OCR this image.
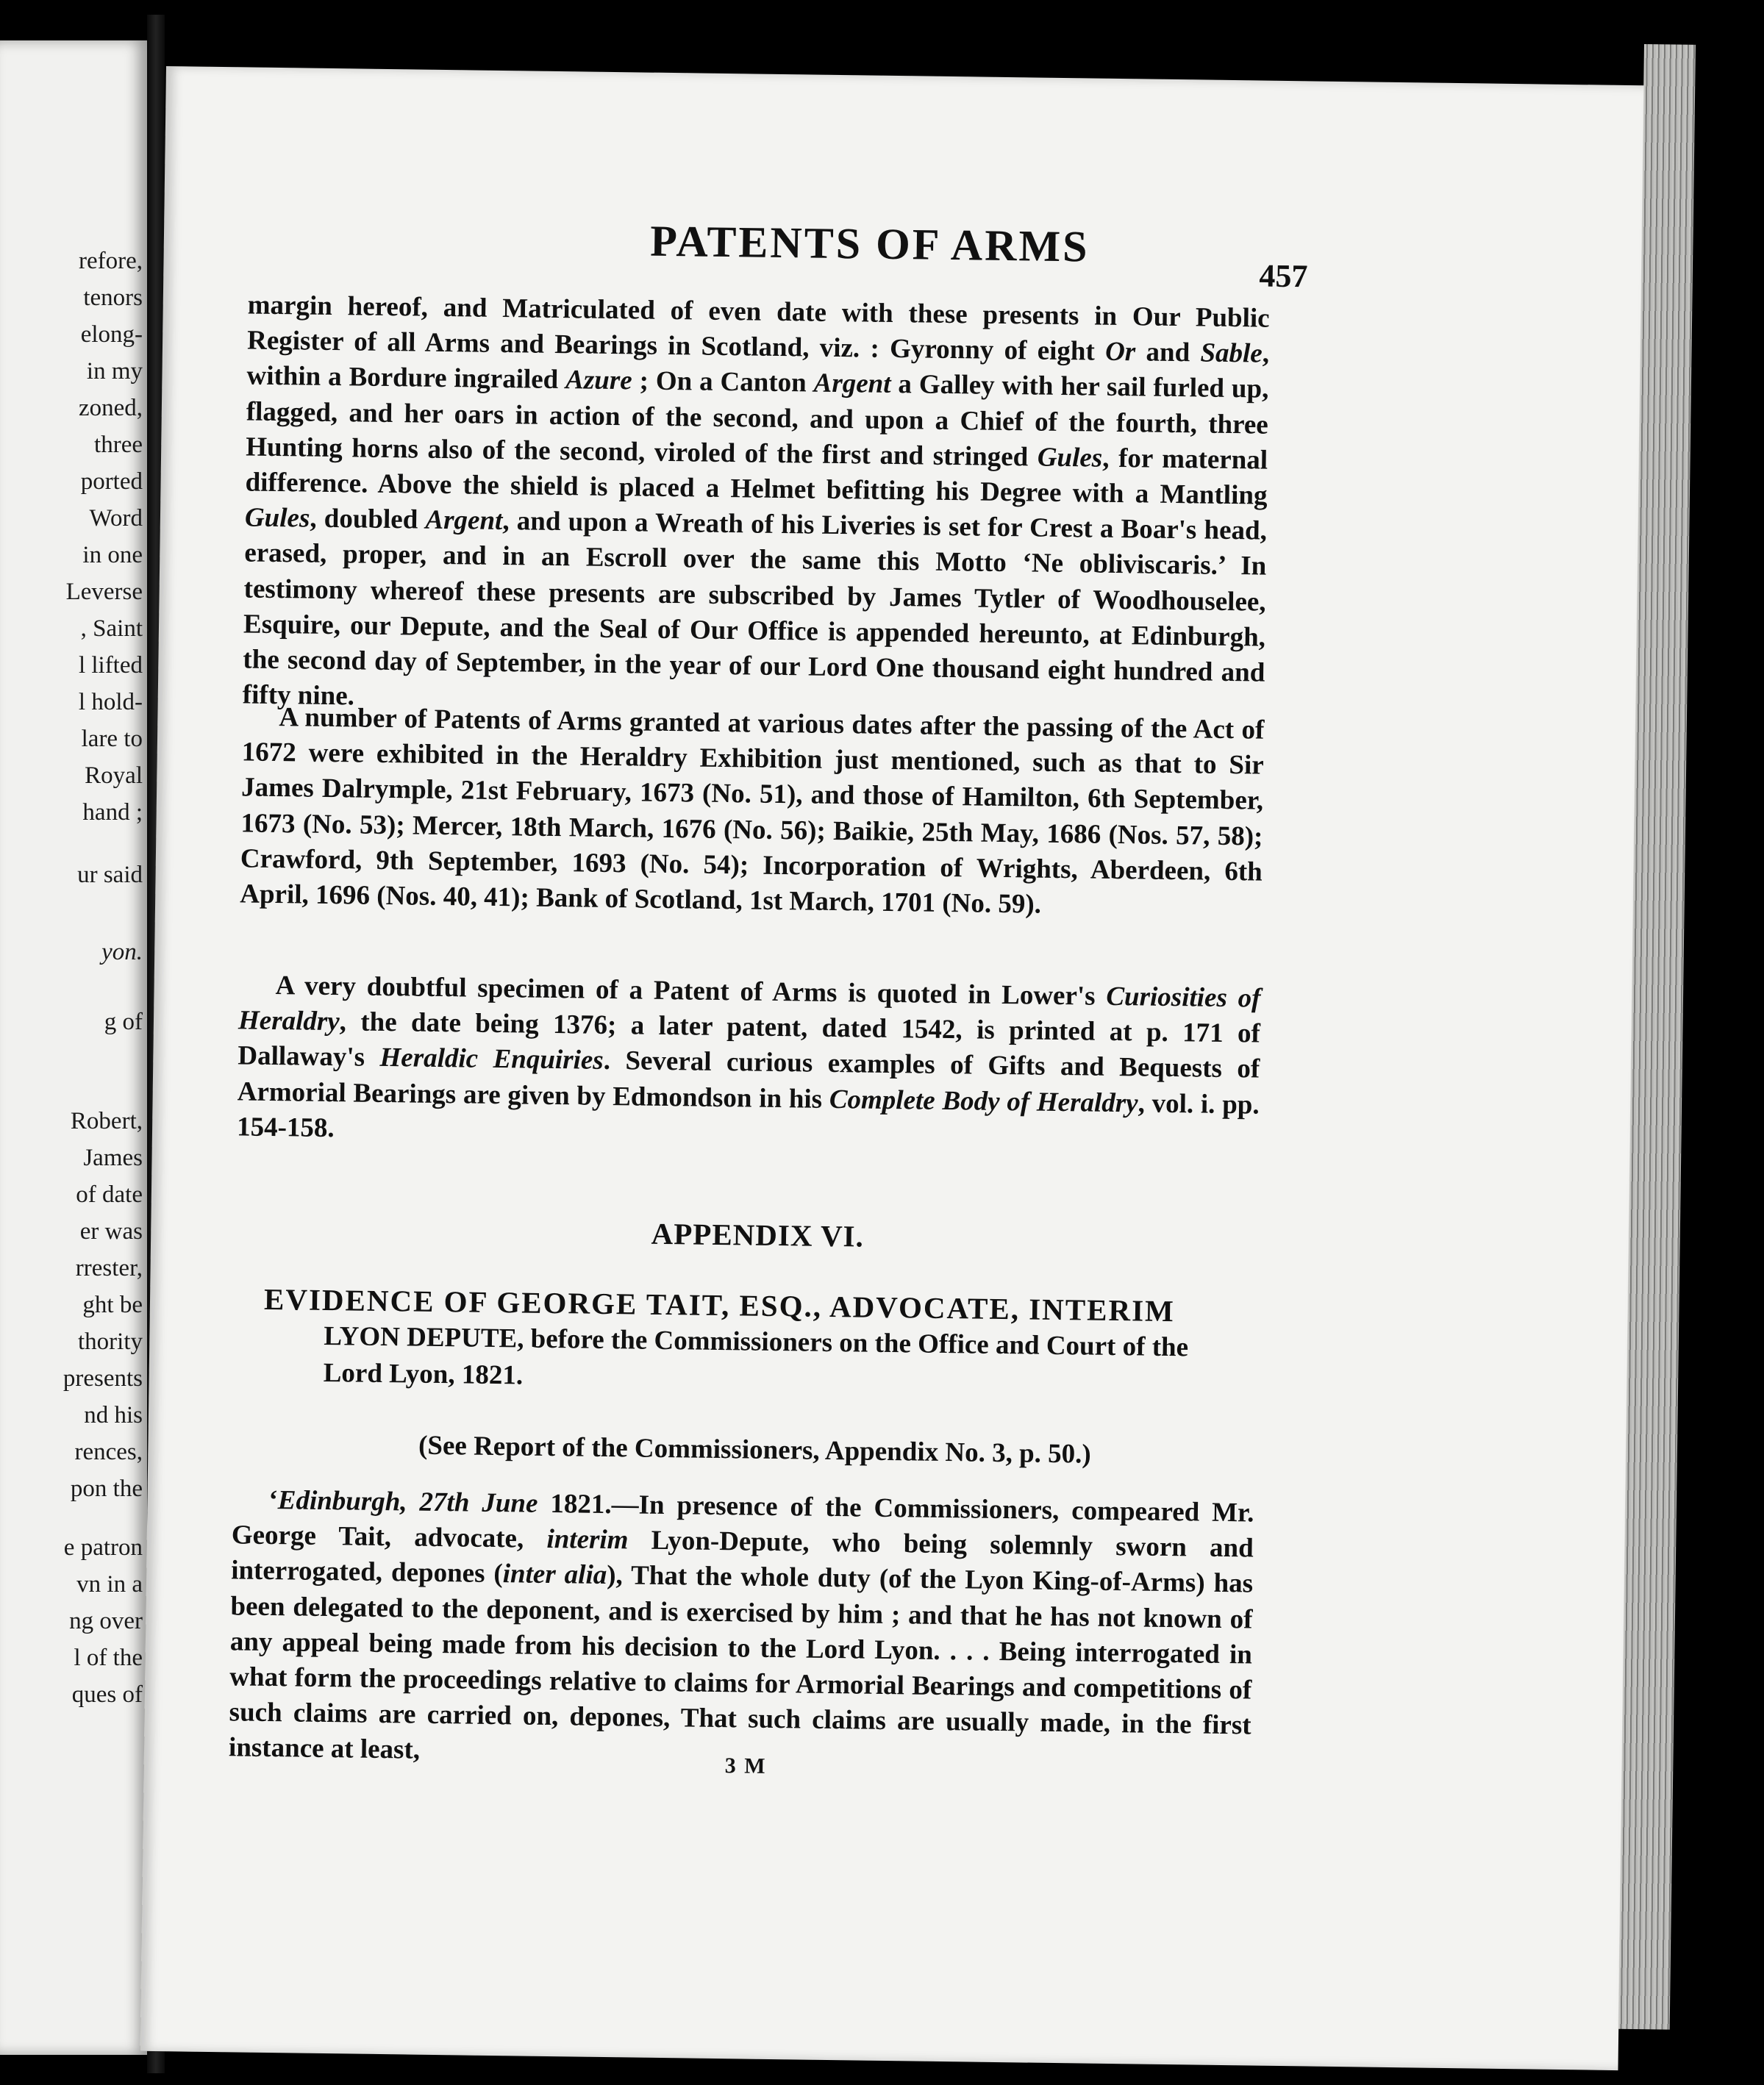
refore,
tenors
elong-
in my
zoned,
three
ported
Word
in one
Leverse
, Saint
l lifted
l hold-
lare to
Royal
hand ;
ur said
yon.
g of
Robert,
James
of date
er was
rrester,
ght be
thority
presents
nd his
rences,
pon the
e patron
vn in a
ng over
l of the
ques of
PATENTS OF ARMS
457

margin hereof, and Matriculated of even date with these presents in Our Public Register of all Arms and Bearings in Scotland, viz. : Gyronny of eight Or and Sable, within a Bordure ingrailed Azure ; On a Canton Argent a Galley with her sail furled up, flagged, and her oars in action of the second, and upon a Chief of the fourth, three Hunting horns also of the second, viroled of the first and stringed Gules, for maternal difference. Above the shield is placed a Helmet befitting his Degree with a Mantling Gules, doubled Argent, and upon a Wreath of his Liveries is set for Crest a Boar's head, erased, proper, and in an Escroll over the same this Motto ‘Ne obliviscaris.’ In testimony whereof these presents are subscribed by James Tytler of Woodhouselee, Esquire, our Depute, and the Seal of Our Office is appended hereunto, at Edinburgh, the second day of September, in the year of our Lord One thousand eight hundred and fifty nine.

A number of Patents of Arms granted at various dates after the passing of the Act of 1672 were exhibited in the Heraldry Exhibition just mentioned, such as that to Sir James Dalrymple, 21st February, 1673 (No. 51), and those of Hamilton, 6th September, 1673 (No. 53); Mercer, 18th March, 1676 (No. 56); Baikie, 25th May, 1686 (Nos. 57, 58); Crawford, 9th September, 1693 (No. 54); Incorporation of Wrights, Aberdeen, 6th April, 1696 (Nos. 40, 41); Bank of Scotland, 1st March, 1701 (No. 59).

A very doubtful specimen of a Patent of Arms is quoted in Lower's Curiosities of Heraldry, the date being 1376; a later patent, dated 1542, is printed at p. 171 of Dallaway's Heraldic Enquiries. Several curious examples of Gifts and Bequests of Armorial Bearings are given by Edmondson in his Complete Body of Heraldry, vol. i. pp. 154-158.

APPENDIX VI.
EVIDENCE OF GEORGE TAIT, ESQ., ADVOCATE, INTERIM
LYON DEPUTE, before the Commissioners on the Office and Court of the Lord Lyon, 1821.
(See Report of the Commissioners, Appendix No. 3, p. 50.)

‘Edinburgh, 27th June 1821.—In presence of the Commissioners, compeared Mr. George Tait, advocate, interim Lyon-Depute, who being solemnly sworn and interrogated, depones (inter alia), That the whole duty (of the Lyon King-of-Arms) has been delegated to the deponent, and is exercised by him ; and that he has not known of any appeal being made from his decision to the Lord Lyon. . . . Being interrogated in what form the proceedings relative to claims for Armorial Bearings and competitions of such claims are carried on, depones, That such claims are usually made, in the first instance at least,

3 M
